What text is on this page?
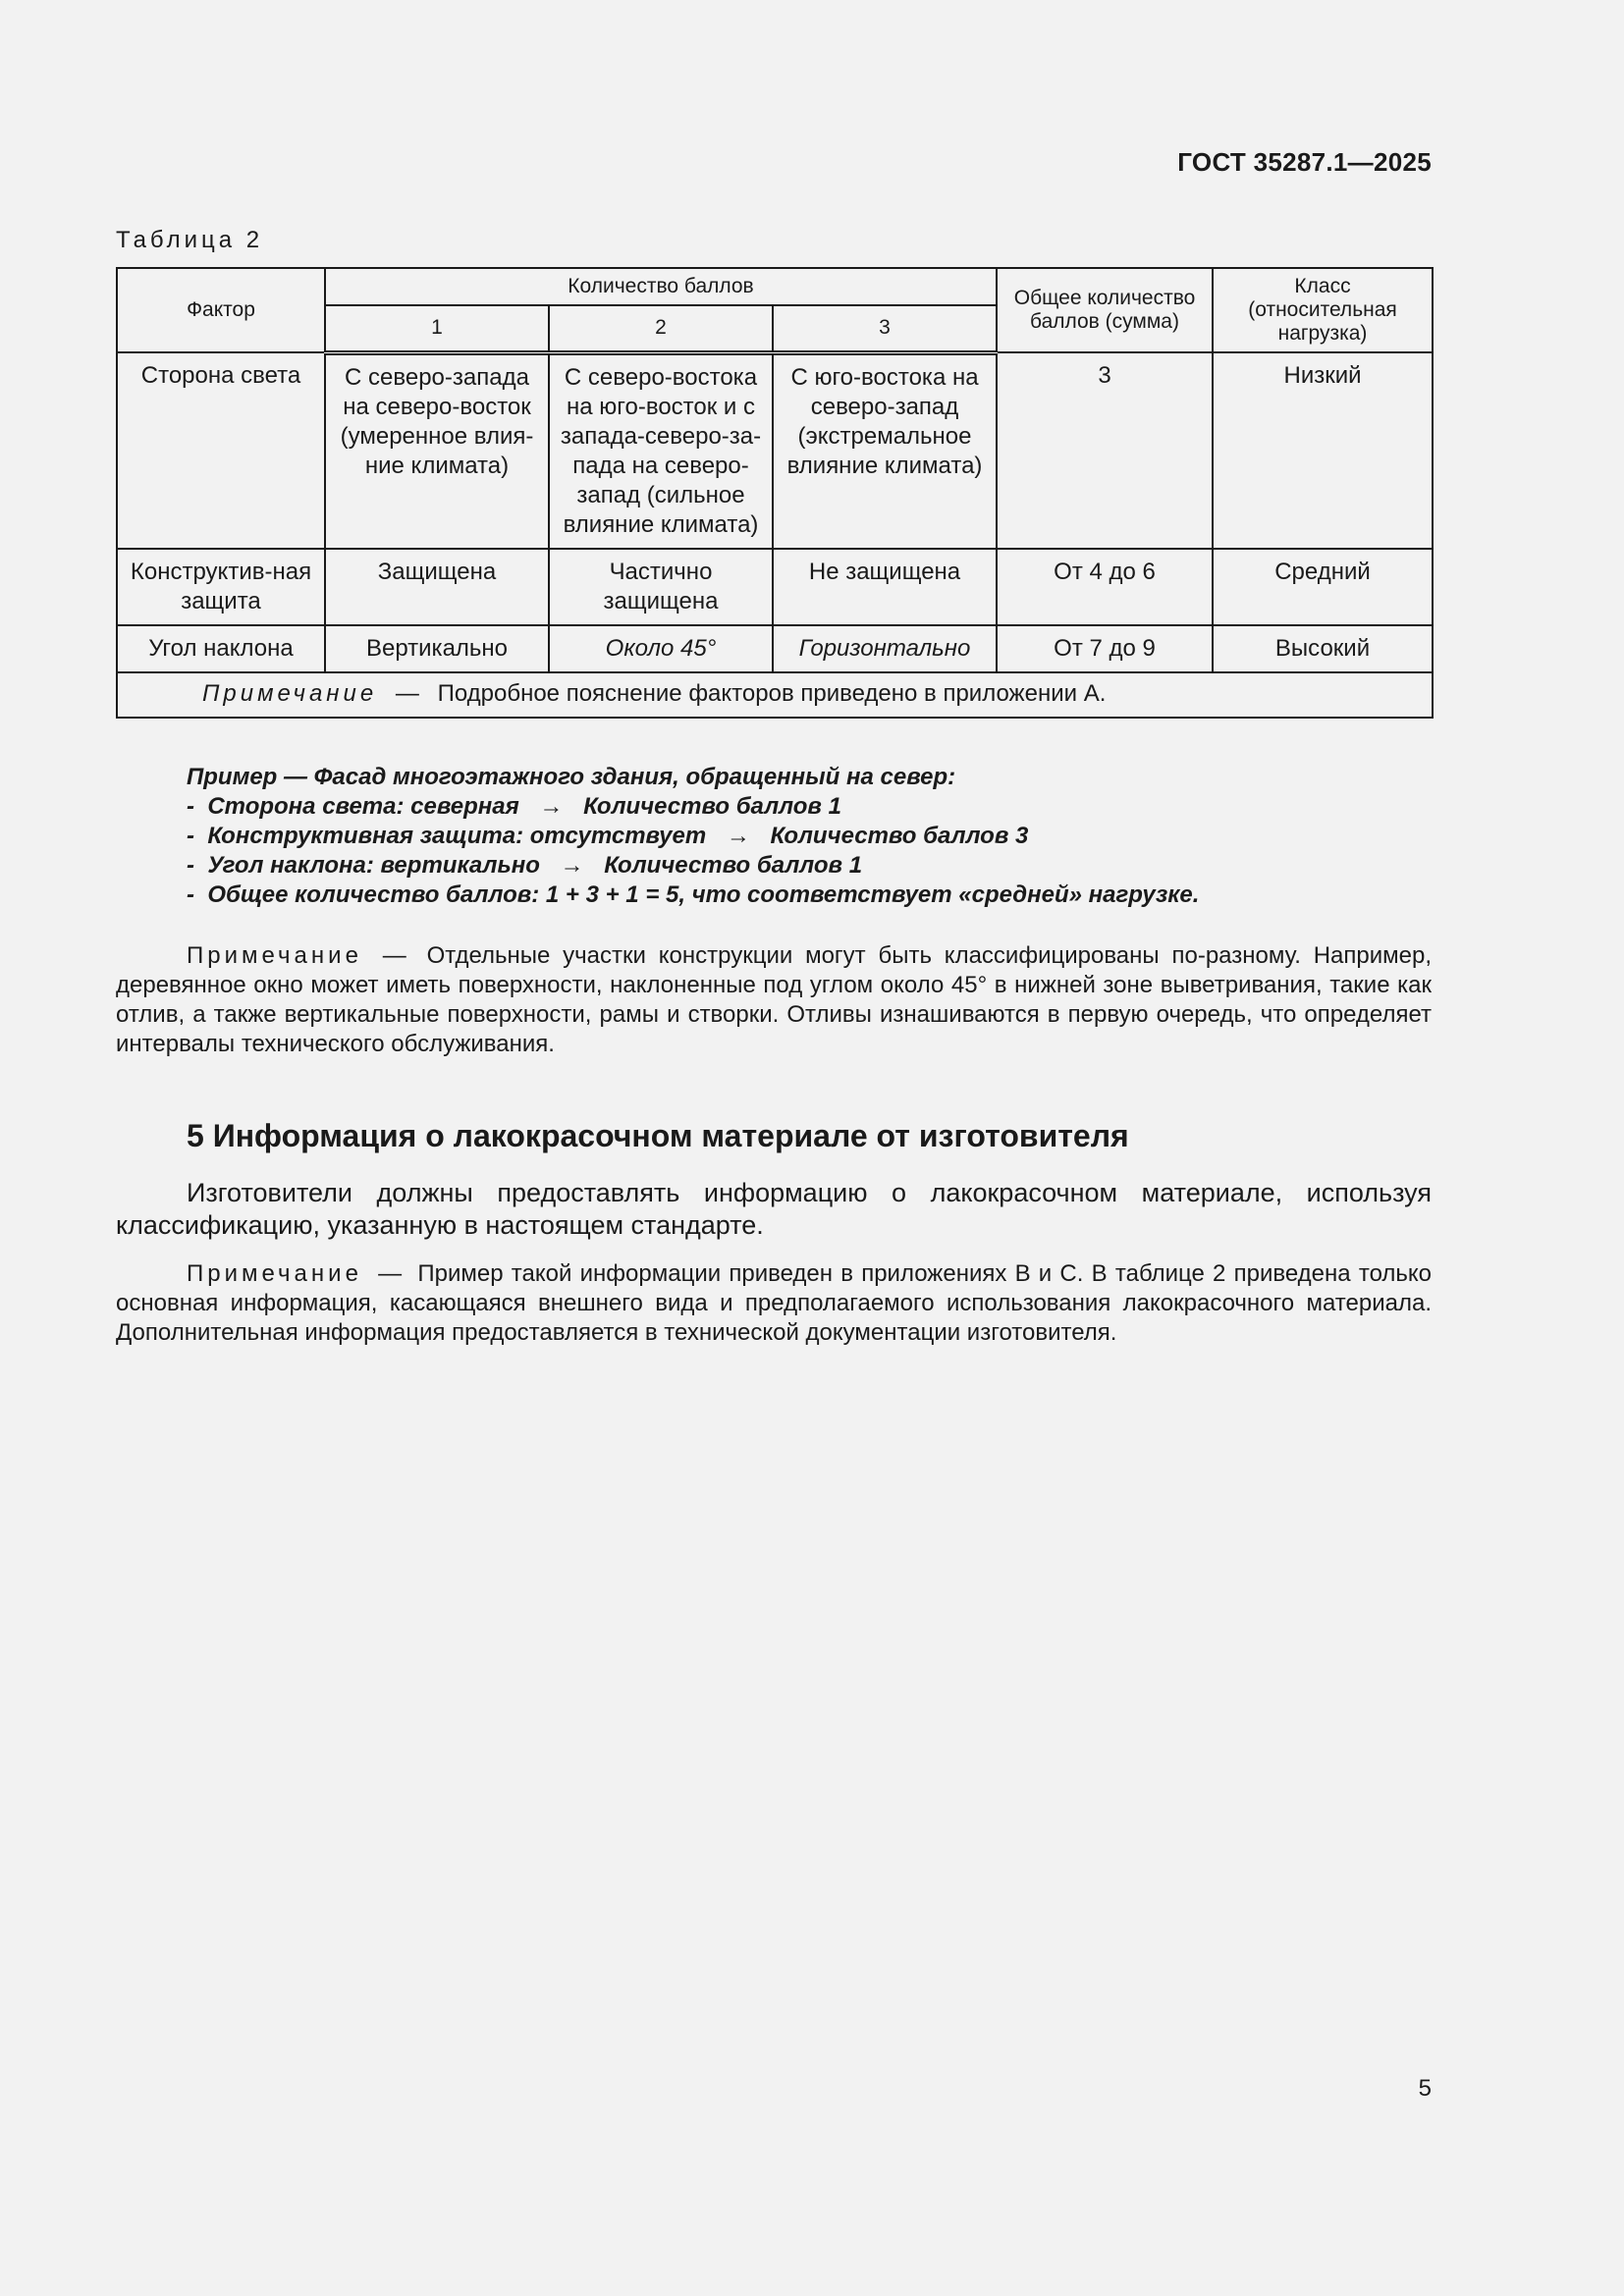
ГОСТ 35287.1—2025
Таблица 2
Фактор	Количество баллов			Общее количество баллов (сумма)	Класс (относительная нагрузка)
	1	2	3		
Сторона света	С северо-запада на северо-восток (умеренное влия-ние климата)	С северо-востока на юго-восток и с запада-северо-за-пада на северо-запад (сильное влияние климата)	С юго-востока на северо-запад (экстремальное влияние климата)	3	Низкий
Конструктив-ная защита	Защищена	Частично защищена	Не защищена	От 4 до 6	Средний
Угол наклона	Вертикально	Около 45°	Горизонтально	От 7 до 9	Высокий
Примечание — Подробное пояснение факторов приведено в приложении А.					
Пример — Фасад многоэтажного здания, обращенный на север:
- Сторона света: северная → Количество баллов 1
- Конструктивная защита: отсутствует → Количество баллов 3
- Угол наклона: вертикально → Количество баллов 1
- Общее количество баллов: 1 + 3 + 1 = 5, что соответствует «средней» нагрузке.
Примечание — Отдельные участки конструкции могут быть классифицированы по-разному. Например, деревянное окно может иметь поверхности, наклоненные под углом около 45° в нижней зоне выветривания, такие как отлив, а также вертикальные поверхности, рамы и створки. Отливы изнашиваются в первую очередь, что определяет интервалы технического обслуживания.
5 Информация о лакокрасочном материале от изготовителя
Изготовители должны предоставлять информацию о лакокрасочном материале, используя классификацию, указанную в настоящем стандарте.
Примечание — Пример такой информации приведен в приложениях В и С. В таблице 2 приведена только основная информация, касающаяся внешнего вида и предполагаемого использования лакокрасочного материала. Дополнительная информация предоставляется в технической документации изготовителя.
5
